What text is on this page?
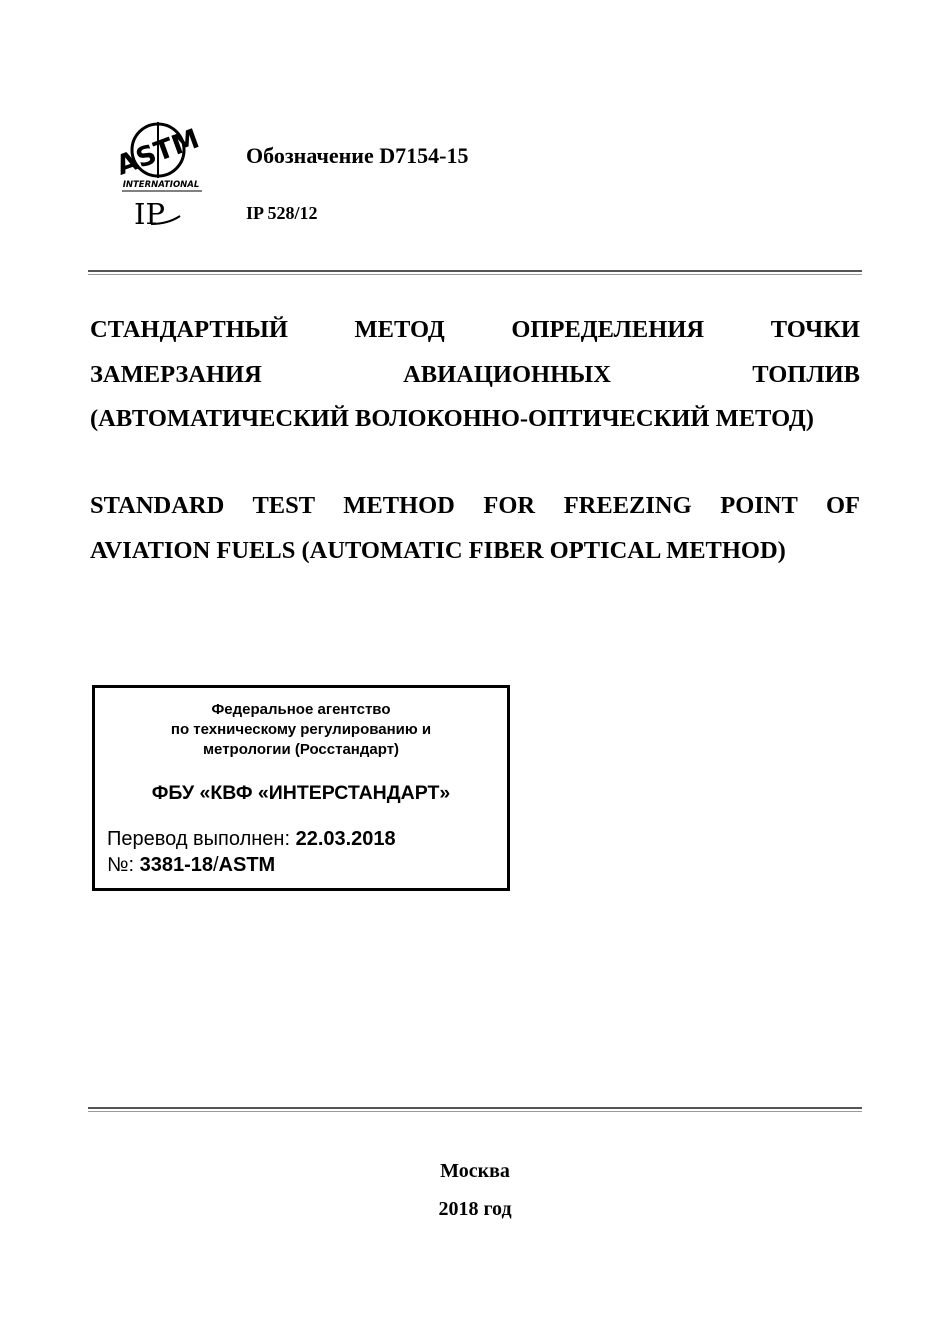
ASTM
INTERNATIONAL
IP
Обозначение D7154-15
IP 528/12
СТАНДАРТНЫЙ МЕТОД ОПРЕДЕЛЕНИЯ ТОЧКИ
ЗАМЕРЗАНИЯ АВИАЦИОННЫХ ТОПЛИВ
(АВТОМАТИЧЕСКИЙ ВОЛОКОННО-ОПТИЧЕСКИЙ МЕТОД)
STANDARD TEST METHOD FOR FREEZING POINT OF
AVIATION FUELS (AUTOMATIC FIBER OPTICAL METHOD)
Федеральное агентство
по техническому регулированию и
метрологии (Росстандарт)
ФБУ «КВФ «ИНТЕРСТАНДАРТ»
Перевод выполнен: 22.03.2018
№: 3381-18/ASTM
Москва
2018 год
